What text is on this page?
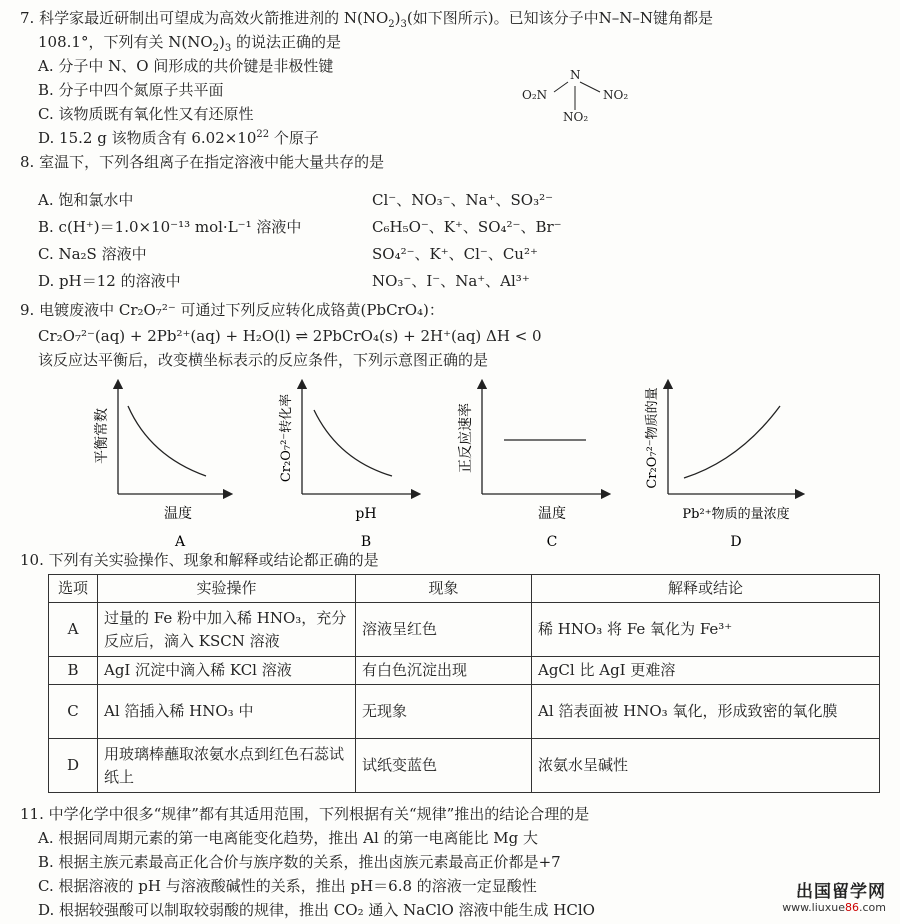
7. 科学家最近研制出可望成为高效火箭推进剂的 $N(NO_2)_3$(如下图所示)。已知该分子中N–N–N键角都是
108.1°，下列有关 $N(NO_2)_3$ 的说法正确的是
A. 分子中 N、O 间形成的共价键是非极性键
B. 分子中四个氮原子共平面
C. 该物质既有氧化性又有还原性
D. 15.2 g 该物质含有 $6.02\times 10^{22}$ 个原子
N
O₂N	NO₂
NO₂
8. 室温下，下列各组离子在指定溶液中能大量共存的是
A. 饱和氯水中	Cl⁻、NO₃⁻、Na⁺、SO₃²⁻
B. c(H⁺)＝1.0×10⁻¹³ mol·L⁻¹ 溶液中	C₆H₅O⁻、K⁺、SO₄²⁻、Br⁻
C. Na₂S 溶液中	SO₄²⁻、K⁺、Cl⁻、Cu²⁺
D. pH＝12 的溶液中	NO₃⁻、I⁻、Na⁺、Al³⁺
9. 电镀废液中 Cr₂O₇²⁻ 可通过下列反应转化成铬黄(PbCrO₄)：
Cr₂O₇²⁻(aq) + 2Pb²⁺(aq) + H₂O(l) ⇌ 2PbCrO₄(s) + 2H⁺(aq) ΔH < 0
该反应达平衡后，改变横坐标表示的反应条件，下列示意图正确的是
平衡常数
温度
A
Cr₂O₇²⁻转化率
pH
B
正反应速率
温度
C
Cr₂O₇²⁻物质的量
Pb²⁺物质的量浓度
D
10. 下列有关实验操作、现象和解释或结论都正确的是
选项	实验操作	现象	解释或结论
A	过量的 Fe 粉中加入稀 HNO₃，充分反应后，滴入 KSCN 溶液	溶液呈红色	稀 HNO₃ 将 Fe 氧化为 Fe³⁺
B	AgI 沉淀中滴入稀 KCl 溶液	有白色沉淀出现	AgCl 比 AgI 更难溶
C	Al 箔插入稀 HNO₃ 中	无现象	Al 箔表面被 HNO₃ 氧化，形成致密的氧化膜
D	用玻璃棒蘸取浓氨水点到红色石蕊试纸上	试纸变蓝色	浓氨水呈碱性
11. 中学化学中很多“规律”都有其适用范围，下列根据有关“规律”推出的结论合理的是
A. 根据同周期元素的第一电离能变化趋势，推出 Al 的第一电离能比 Mg 大
B. 根据主族元素最高正化合价与族序数的关系，推出卤族元素最高正价都是+7
C. 根据溶液的 pH 与溶液酸碱性的关系，推出 pH＝6.8 的溶液一定显酸性
D. 根据较强酸可以制取较弱酸的规律，推出 CO₂ 通入 NaClO 溶液中能生成 HClO
出国留学网
www.liuxue86.com
